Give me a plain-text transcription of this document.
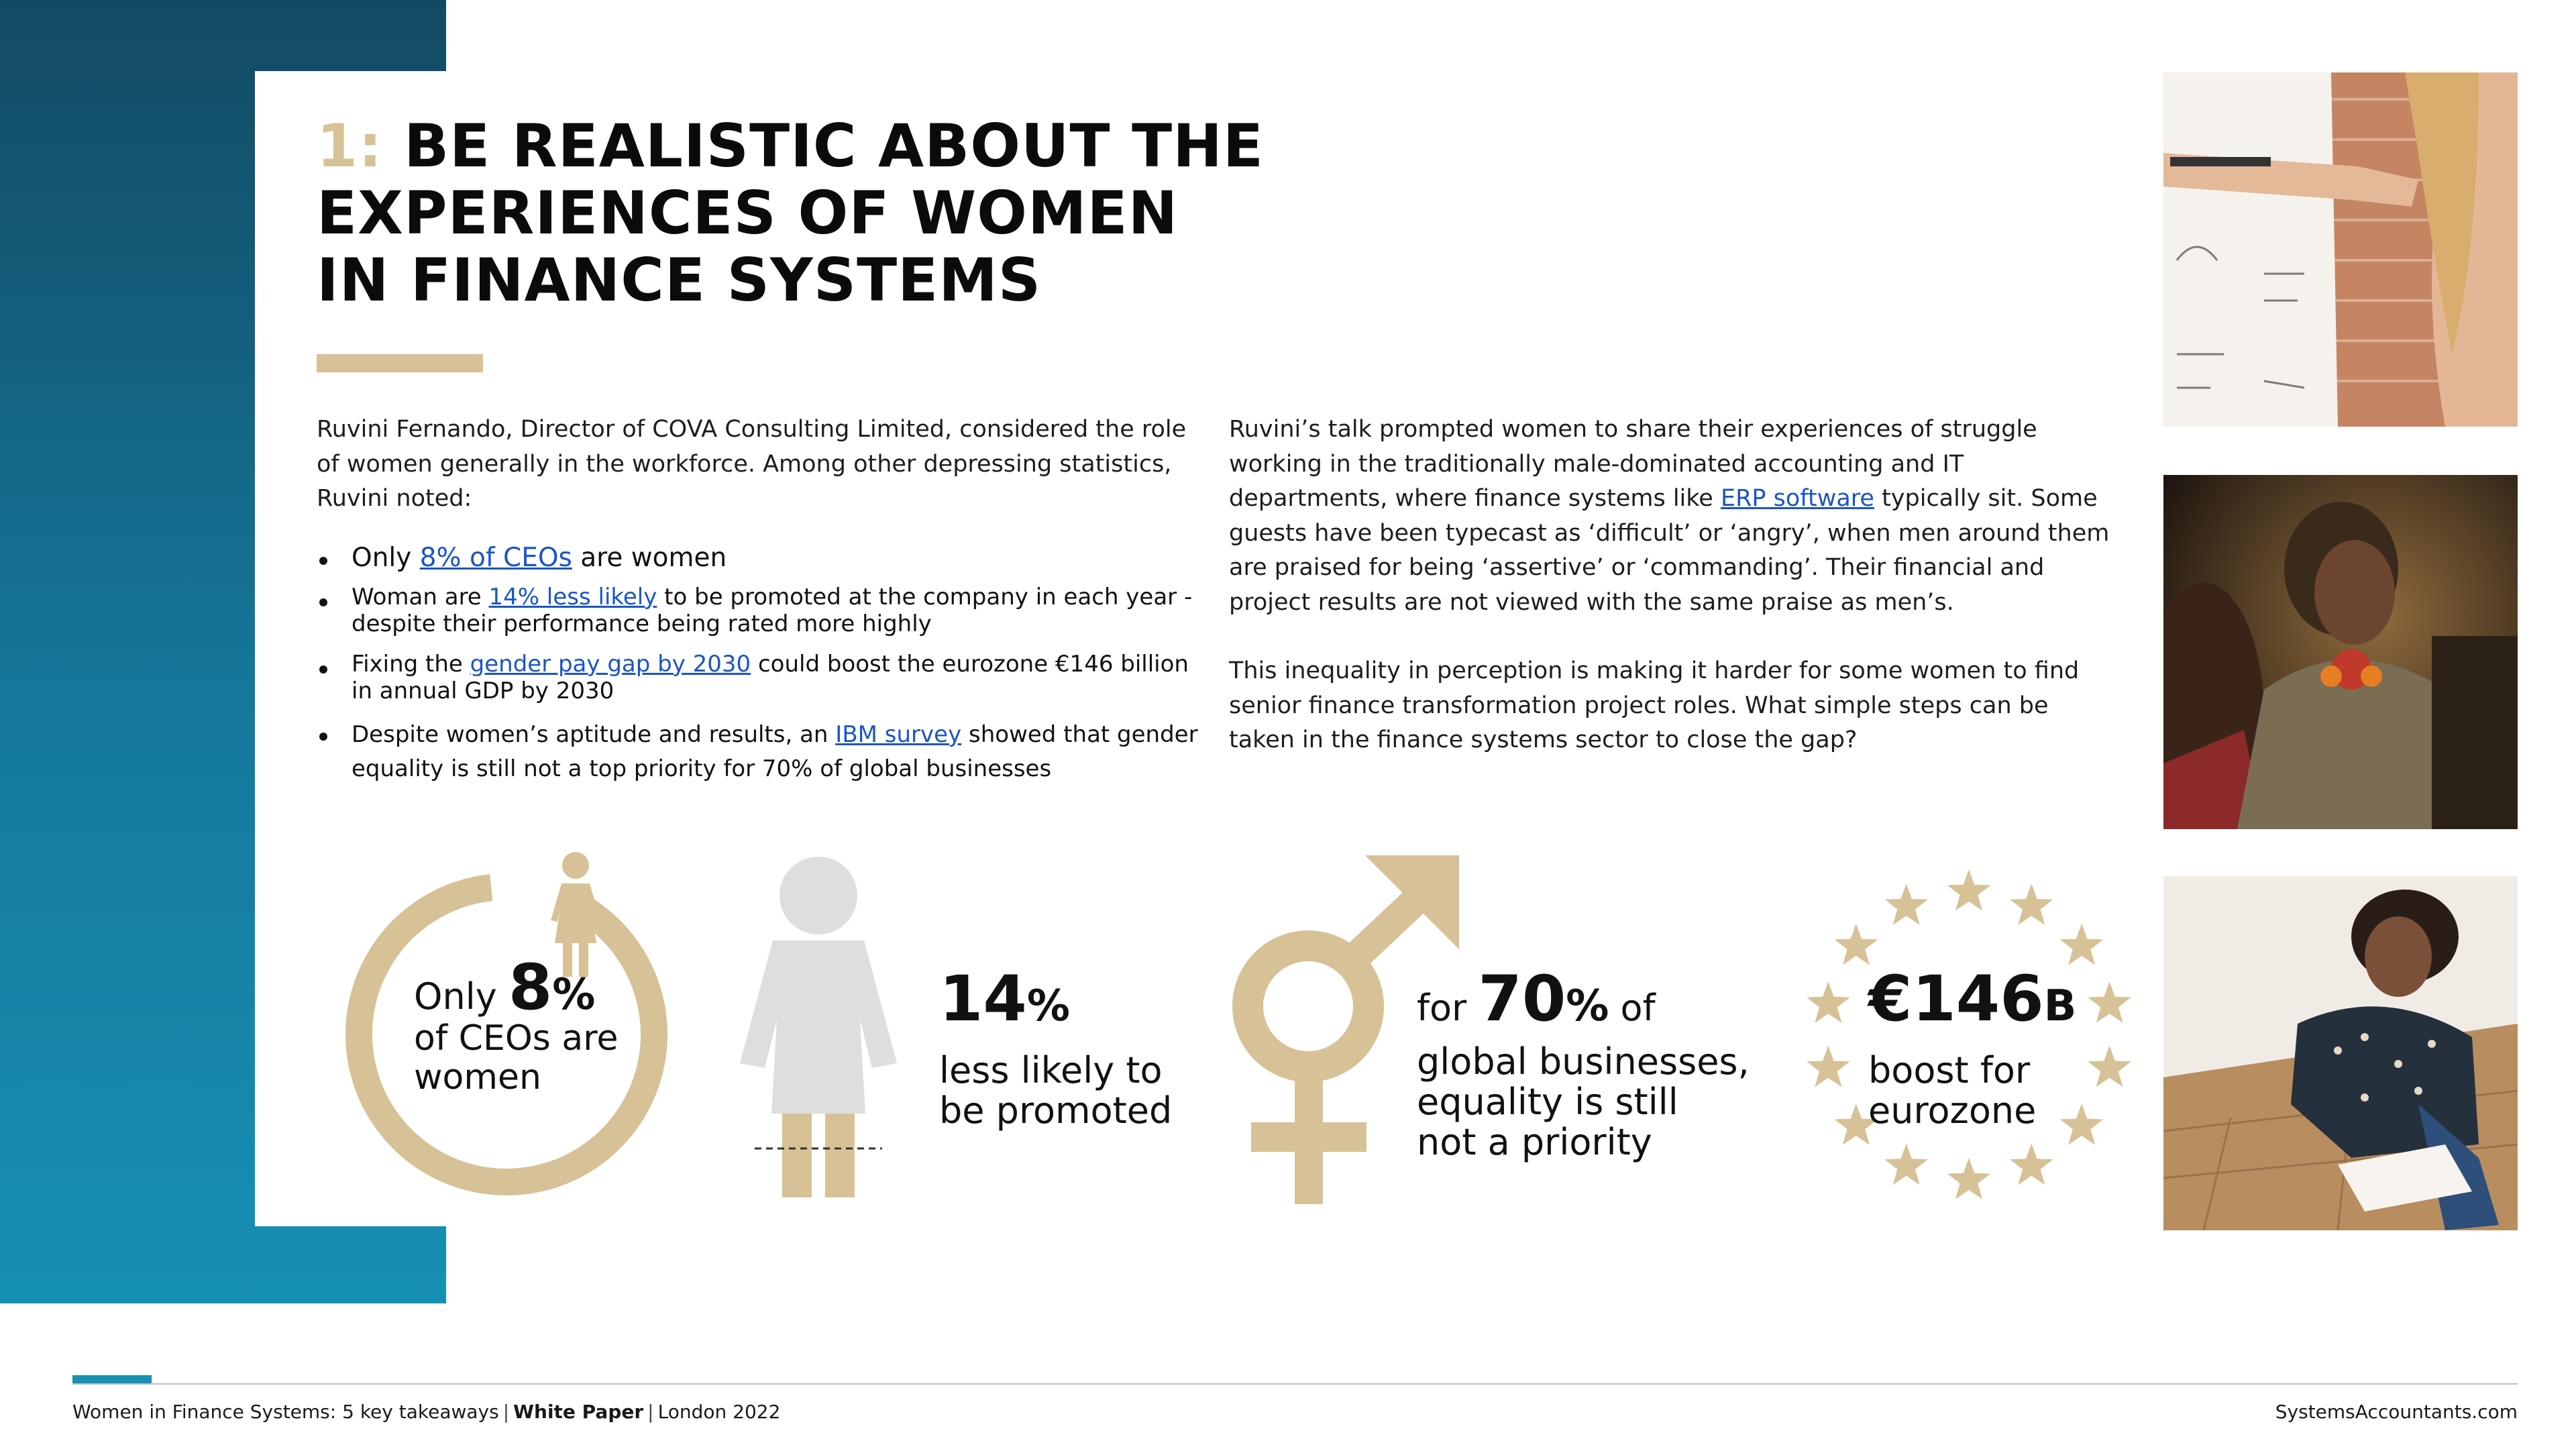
1: BE REALISTIC ABOUT THE
EXPERIENCES OF WOMEN
IN FINANCE SYSTEMS

Ruvini Fernando, Director of COVA Consulting Limited, considered the role of women generally in the workforce. Among other depressing statistics, Ruvini noted:

Only 8% of CEOs are women
Woman are 14% less likely to be promoted at the company in each year - despite their performance being rated more highly
Fixing the gender pay gap by 2030 could boost the eurozone €146 billion in annual GDP by 2030
Despite women’s aptitude and results, an IBM survey showed that gender equality is still not a top priority for 70% of global businesses

Ruvini’s talk prompted women to share their experiences of struggle working in the traditionally male-dominated accounting and IT departments, where finance systems like ERP software typically sit. Some guests have been typecast as ‘difficult’ or ‘angry’, when men around them are praised for being ‘assertive’ or ‘commanding’. Their financial and project results are not viewed with the same praise as men’s.

This inequality in perception is making it harder for some women to find senior finance transformation project roles. What simple steps can be taken in the finance systems sector to close the gap?

Only 8%
of CEOs are
women
14%
less likely to
be promoted
for 70% of
global businesses,
equality is still
not a priority
€146B
boost for
eurozone
Women in Finance Systems: 5 key takeaways | White Paper | London 2022	SystemsAccountants.com
